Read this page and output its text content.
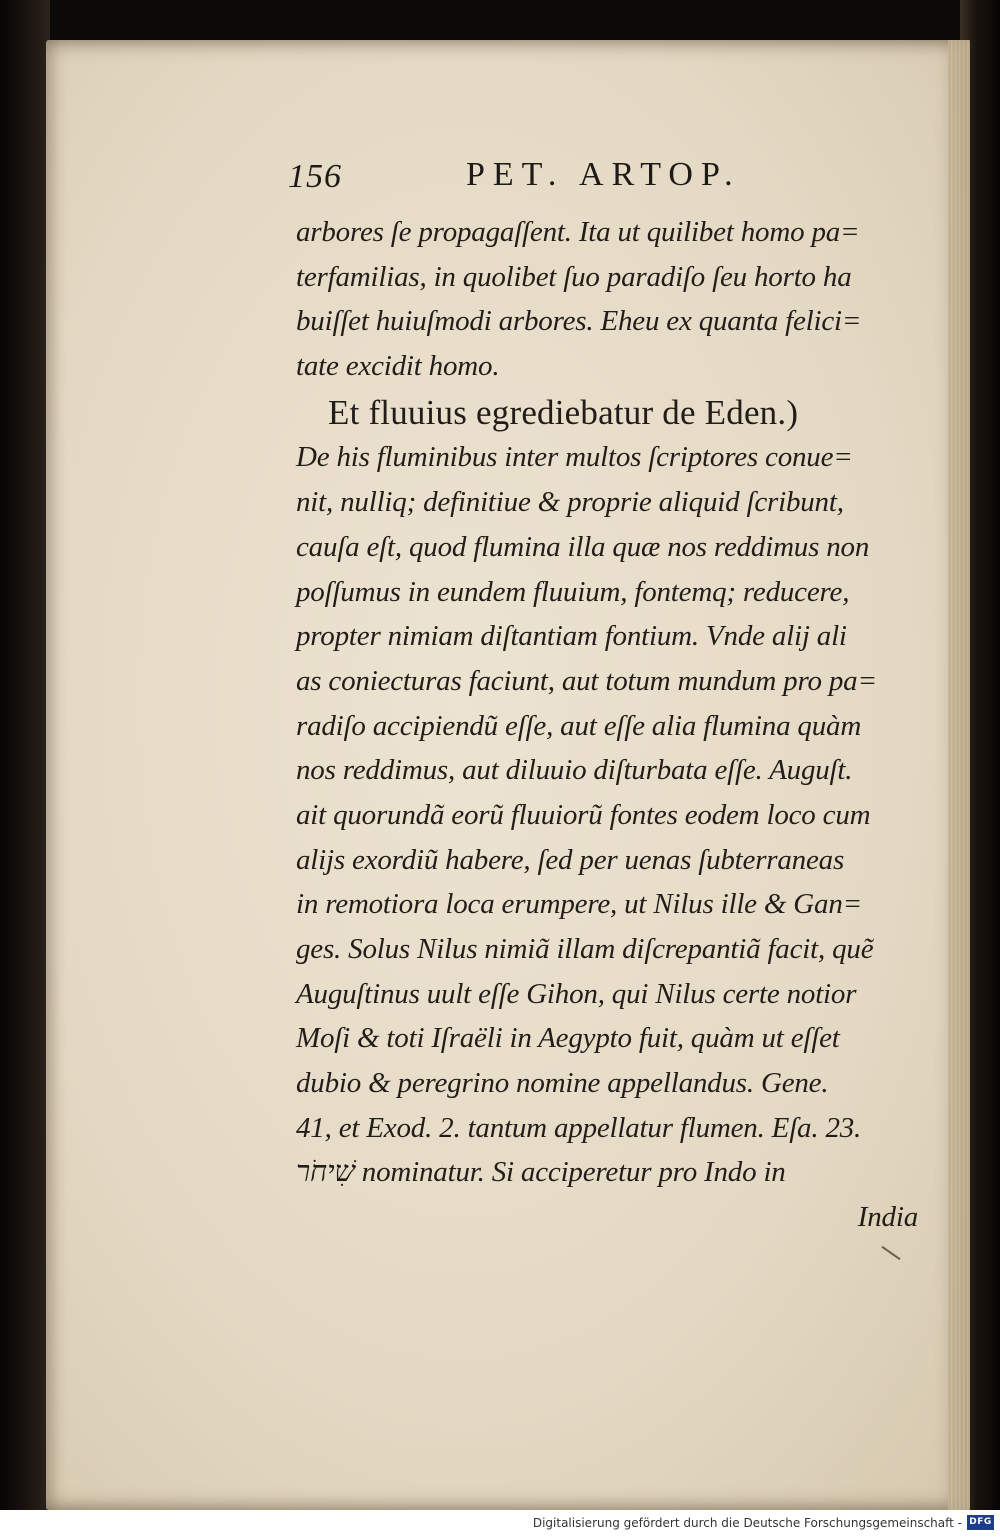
156	PET. ARTOP.
arbores ſe propagaſſent. Ita ut quilibet homo pa=
terfamilias, in quolibet ſuo paradiſo ſeu horto ha
buiſſet huiuſmodi arbores. Eheu ex quanta felici=
tate excidit homo.
Et fluuius egrediebatur de Eden.)
De his fluminibus inter multos ſcriptores conue=
nit, nulliq; definitiue & proprie aliquid ſcribunt,
cauſa eſt, quod flumina illa quæ nos reddimus non
poſſumus in eundem fluuium, fontemq; reducere,
propter nimiam diſtantiam fontium. Vnde alij ali
as coniecturas faciunt, aut totum mundum pro pa=
radiſo accipiendũ eſſe, aut eſſe alia flumina quàm
nos reddimus, aut diluuio diſturbata eſſe. Auguſt.
ait quorundã eorũ fluuiorũ fontes eodem loco cum
alijs exordiũ habere, ſed per uenas ſubterraneas
in remotiora loca erumpere, ut Nilus ille & Gan=
ges. Solus Nilus nimiã illam diſcrepantiã facit, quẽ
Auguſtinus uult eſſe Gihon, qui Nilus certe notior
Moſi & toti Iſraëli in Aegypto fuit, quàm ut eſſet
dubio & peregrino nomine appellandus. Gene.
41, et Exod. 2. tantum appellatur flumen. Eſa. 23.
שִׁיחֹר nominatur. Si acciperetur pro Indo in
India
Digitalisierung gefördert durch die Deutsche Forschungsgemeinschaft - DFG
